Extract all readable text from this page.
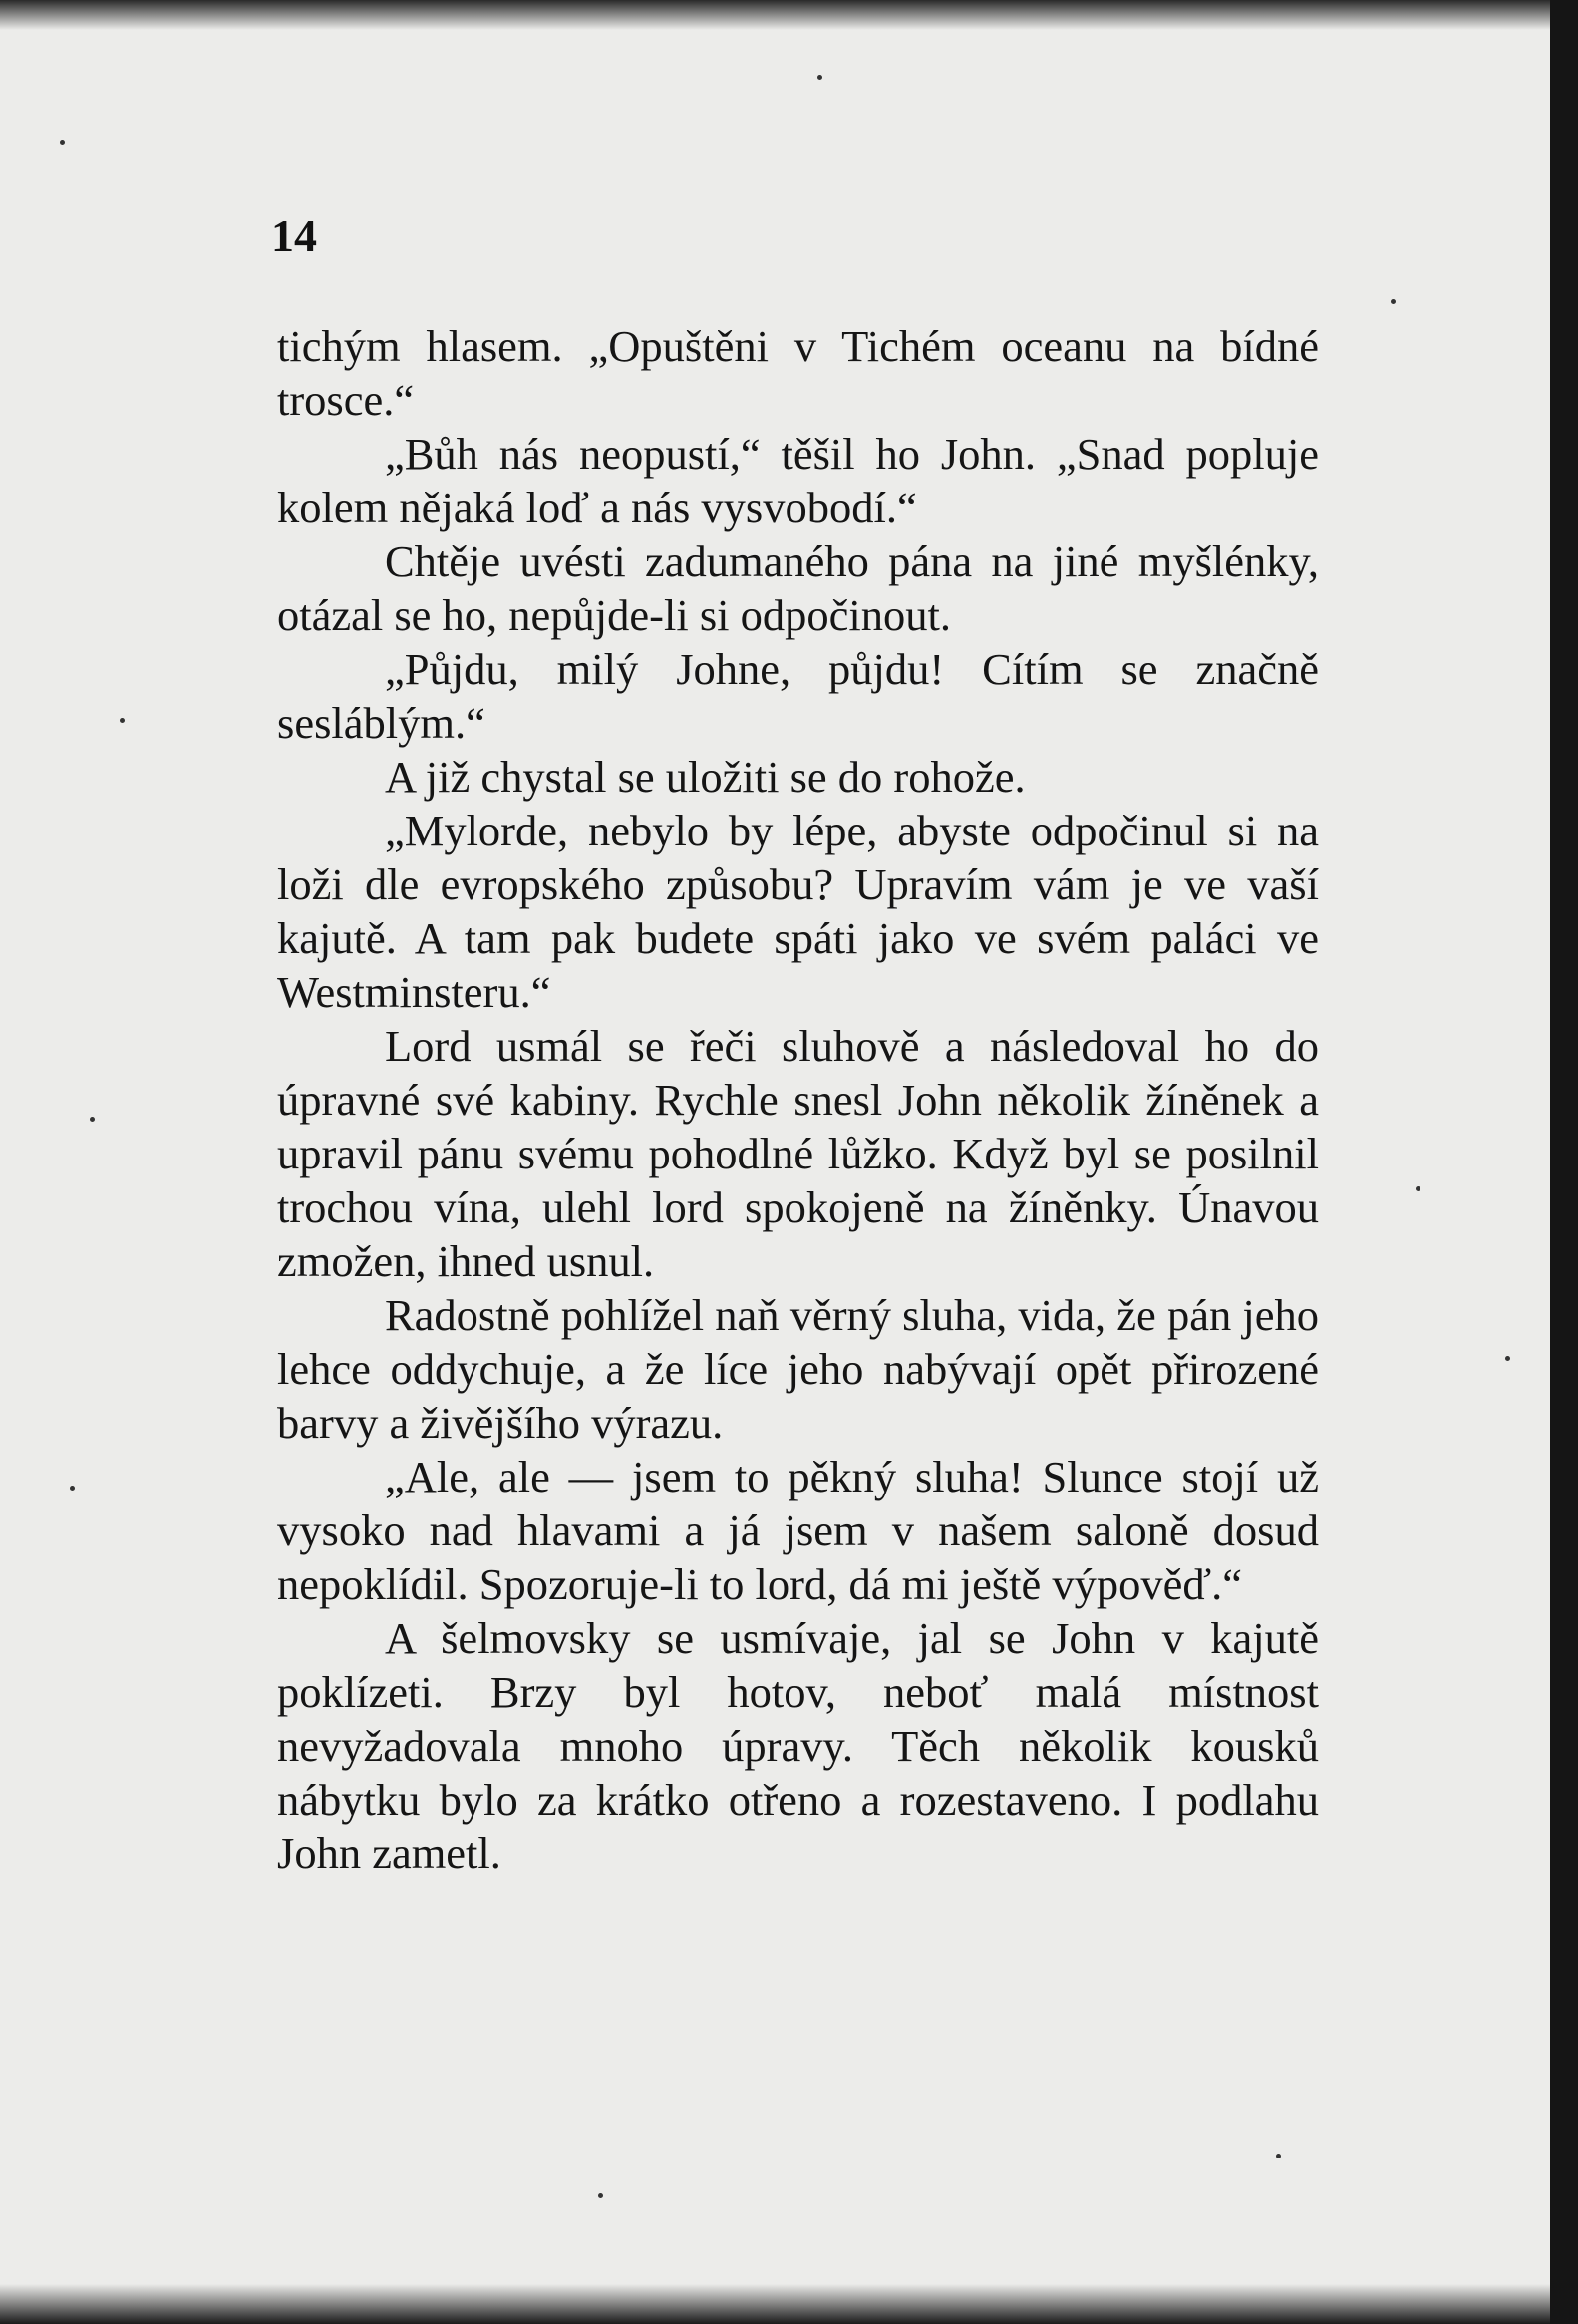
14

tichým hlasem. „Opuštěni v Tichém oceanu na bídné trosce.“

„Bůh nás neopustí,“ těšil ho John. „Snad popluje kolem nějaká loď a nás vysvobodí.“

Chtěje uvésti zadumaného pána na jiné myšlénky, otázal se ho, nepůjde-li si odpočinout.

„Půjdu, milý Johne, půjdu! Cítím se značně sesláblým.“

A již chystal se uložiti se do rohože.

„Mylorde, nebylo by lépe, abyste odpočinul si na loži dle evropského způsobu? Upravím vám je ve vaší kajutě. A tam pak budete spáti jako ve svém paláci ve Westminsteru.“

Lord usmál se řeči sluhově a následoval ho do úpravné své kabiny. Rychle snesl John několik žíněnek a upravil pánu svému pohodlné lůžko. Když byl se posilnil trochou vína, ulehl lord spokojeně na žíněnky. Únavou zmožen, ihned usnul.

Radostně pohlížel naň věrný sluha, vida, že pán jeho lehce oddychuje, a že líce jeho nabývají opět přirozené barvy a živějšího výrazu.

„Ale, ale — jsem to pěkný sluha! Slunce stojí už vysoko nad hlavami a já jsem v našem saloně dosud nepoklídil. Spozoruje-li to lord, dá mi ještě výpověď.“

A šelmovsky se usmívaje, jal se John v kajutě poklízeti. Brzy byl hotov, neboť malá místnost nevyžadovala mnoho úpravy. Těch několik kousků nábytku bylo za krátko otřeno a rozestaveno. I podlahu John zametl.
